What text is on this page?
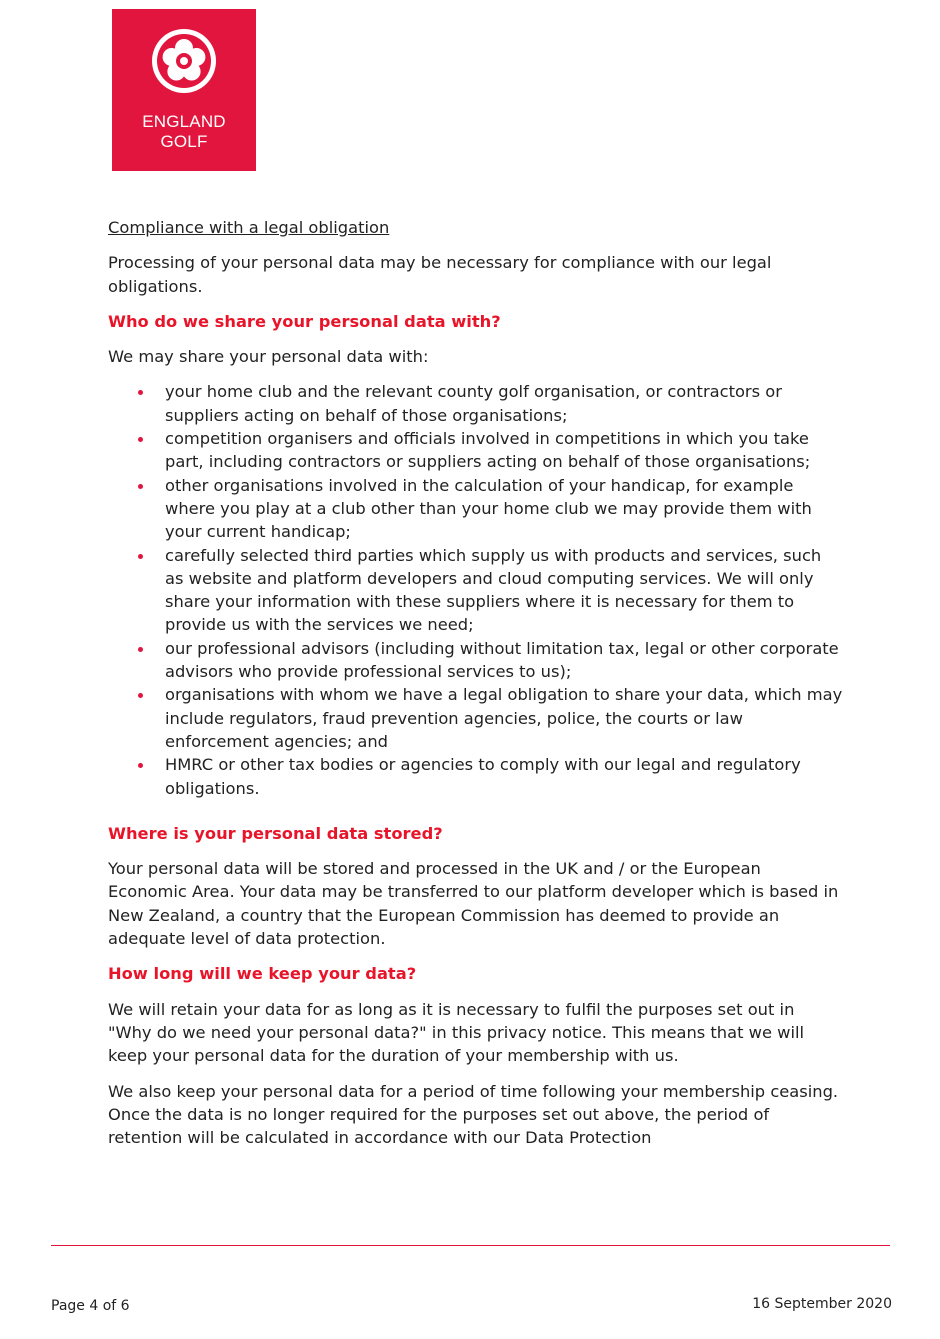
ENGLAND
GOLF

Compliance with a legal obligation

Processing of your personal data may be necessary for compliance with our legal obligations.

Who do we share your personal data with?

We may share your personal data with:

your home club and the relevant county golf organisation, or contractors or suppliers acting on behalf of those organisations;
competition organisers and officials involved in competitions in which you take part, including contractors or suppliers acting on behalf of those organisations;
other organisations involved in the calculation of your handicap, for example where you play at a club other than your home club we may provide them with your current handicap;
carefully selected third parties which supply us with products and services, such as website and platform developers and cloud computing services. We will only share your information with these suppliers where it is necessary for them to provide us with the services we need;
our professional advisors (including without limitation tax, legal or other corporate advisors who provide professional services to us);
organisations with whom we have a legal obligation to share your data, which may include regulators, fraud prevention agencies, police, the courts or law enforcement agencies; and
HMRC or other tax bodies or agencies to comply with our legal and regulatory obligations.

Where is your personal data stored?

Your personal data will be stored and processed in the UK and / or the European Economic Area. Your data may be transferred to our platform developer which is based in New Zealand, a country that the European Commission has deemed to provide an adequate level of data protection.

How long will we keep your data?

We will retain your data for as long as it is necessary to fulfil the purposes set out in "Why do we need your personal data?" in this privacy notice. This means that we will keep your personal data for the duration of your membership with us.

We also keep your personal data for a period of time following your membership ceasing. Once the data is no longer required for the purposes set out above, the period of retention will be calculated in accordance with our Data Protection

Page 4 of 6	16 September 2020
